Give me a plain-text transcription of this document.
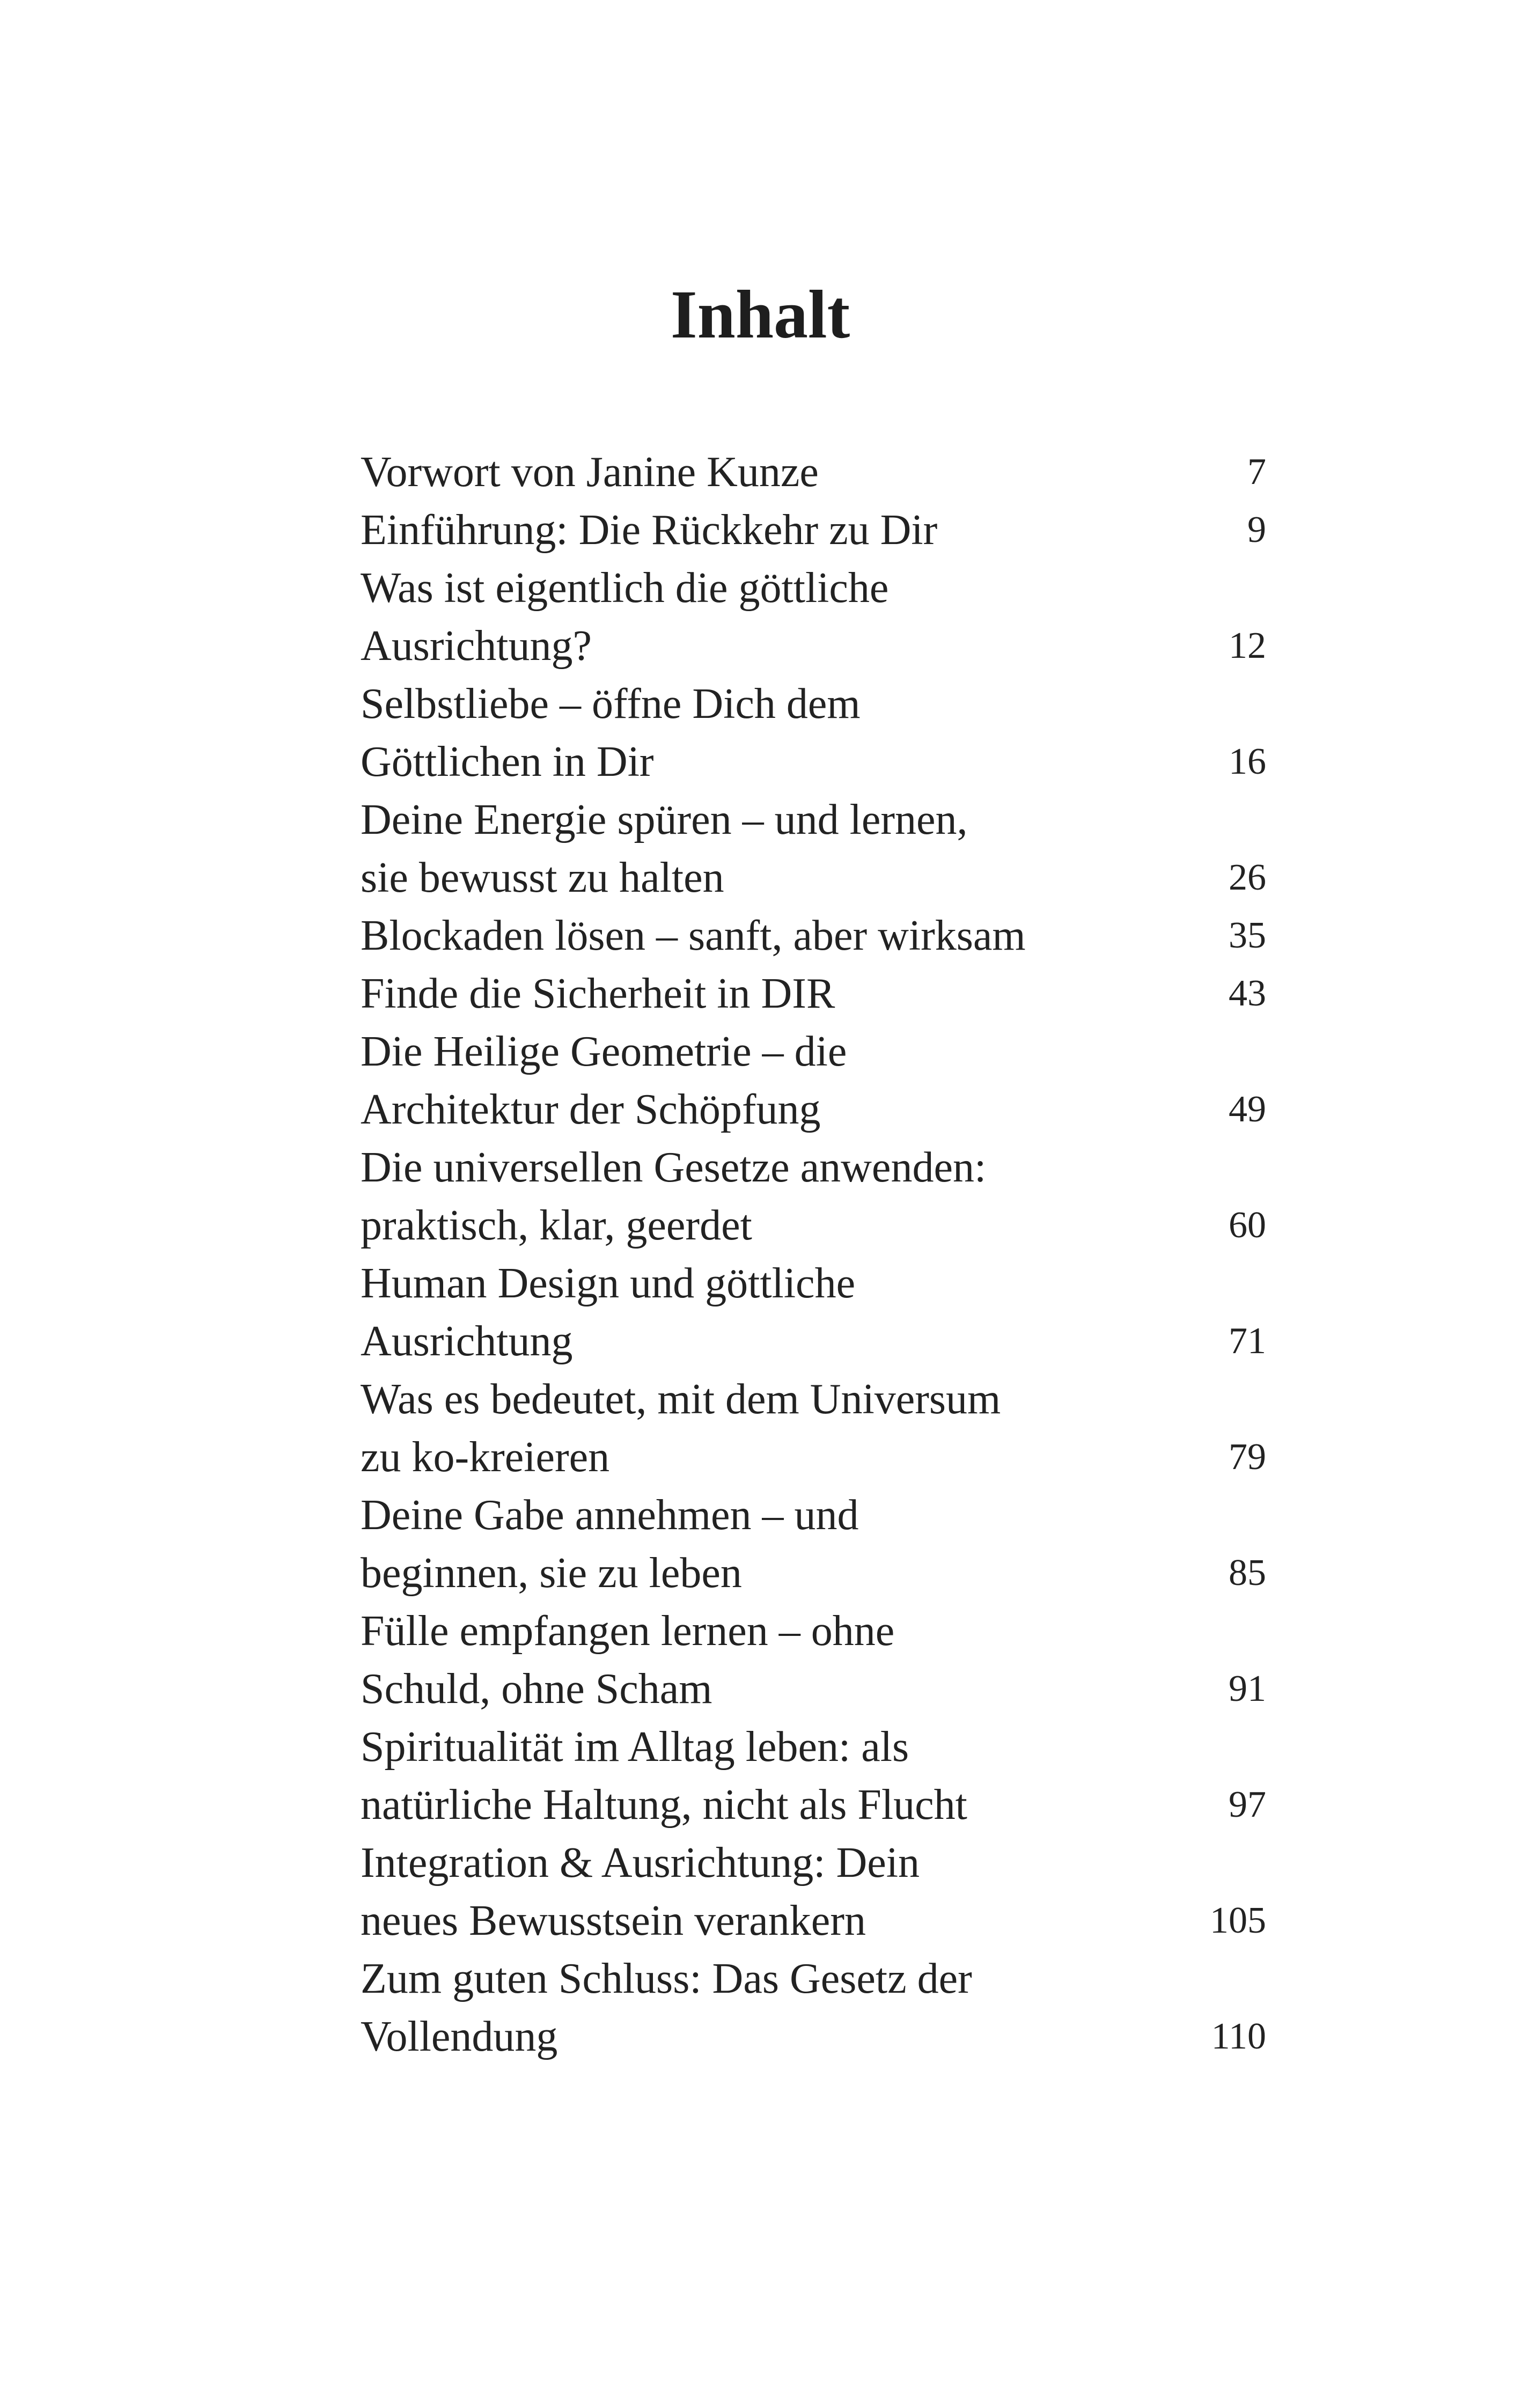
Inhalt
Vorwort von Janine Kunze	7
Einführung: Die Rückkehr zu Dir	9
Was ist eigentlich die göttliche
Ausrichtung?	12
Selbstliebe – öffne Dich dem
Göttlichen in Dir	16
Deine Energie spüren – und lernen,
sie bewusst zu halten	26
Blockaden lösen – sanft, aber wirksam	35
Finde die Sicherheit in DIR	43
Die Heilige Geometrie – die
Architektur der Schöpfung	49
Die universellen Gesetze anwenden:
praktisch, klar, geerdet	60
Human Design und göttliche
Ausrichtung	71
Was es bedeutet, mit dem Universum
zu ko-kreieren	79
Deine Gabe annehmen – und
beginnen, sie zu leben	85
Fülle empfangen lernen – ohne
Schuld, ohne Scham	91
Spiritualität im Alltag leben: als
natürliche Haltung, nicht als Flucht	97
Integration & Ausrichtung: Dein
neues Bewusstsein verankern	105
Zum guten Schluss: Das Gesetz der
Vollendung	110
